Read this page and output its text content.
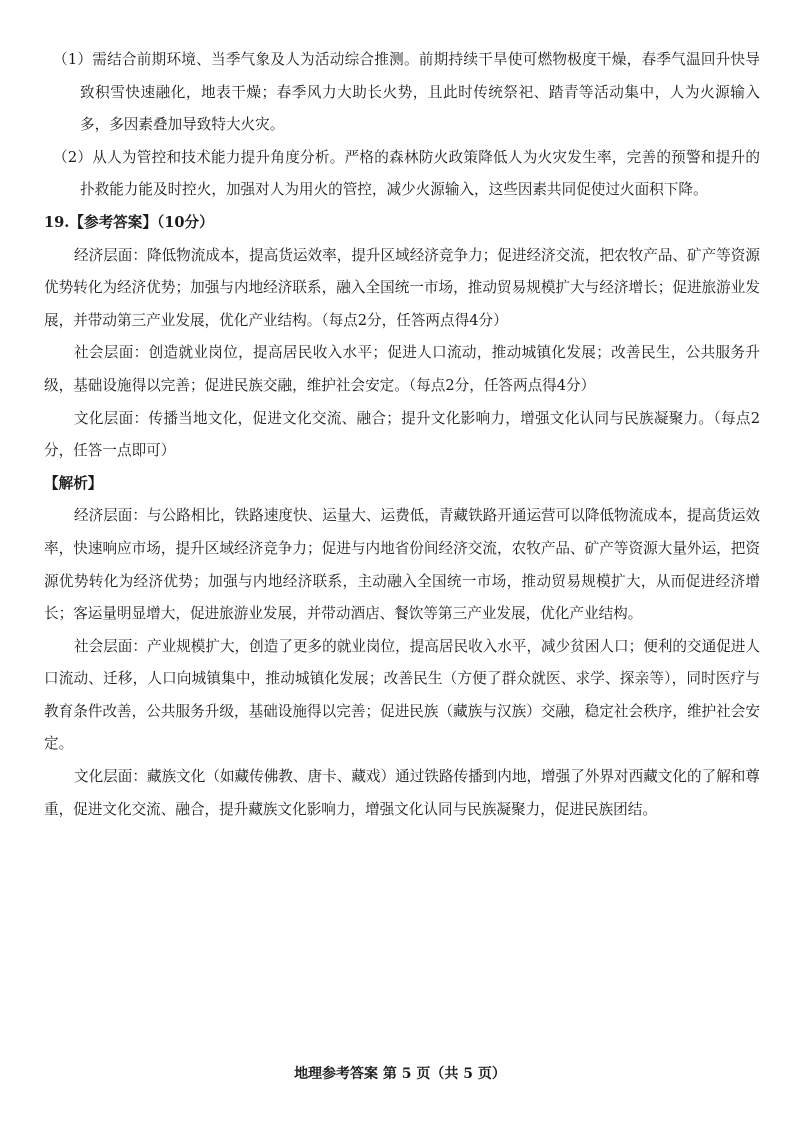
（1）需结合前期环境、当季气象及人为活动综合推测。前期持续干旱使可燃物极度干燥，春季气温回升快导致积雪快速融化，地表干燥；春季风力大助长火势，且此时传统祭祀、踏青等活动集中，人为火源输入多，多因素叠加导致特大火灾。

（2）从人为管控和技术能力提升角度分析。严格的森林防火政策降低人为火灾发生率，完善的预警和提升的扑救能力能及时控火，加强对人为用火的管控，减少火源输入，这些因素共同促使过火面积下降。

19.【参考答案】（10分）

经济层面：降低物流成本，提高货运效率，提升区域经济竞争力；促进经济交流，把农牧产品、矿产等资源优势转化为经济优势；加强与内地经济联系，融入全国统一市场，推动贸易规模扩大与经济增长；促进旅游业发展，并带动第三产业发展，优化产业结构。（每点2分，任答两点得4分）

社会层面：创造就业岗位，提高居民收入水平；促进人口流动，推动城镇化发展；改善民生，公共服务升级，基础设施得以完善；促进民族交融，维护社会安定。（每点2分，任答两点得4分）

文化层面：传播当地文化，促进文化交流、融合；提升文化影响力，增强文化认同与民族凝聚力。（每点2分，任答一点即可）

【解析】

经济层面：与公路相比，铁路速度快、运量大、运费低，青藏铁路开通运营可以降低物流成本，提高货运效率，快速响应市场，提升区域经济竞争力；促进与内地省份间经济交流，农牧产品、矿产等资源大量外运，把资源优势转化为经济优势；加强与内地经济联系，主动融入全国统一市场，推动贸易规模扩大，从而促进经济增长；客运量明显增大，促进旅游业发展，并带动酒店、餐饮等第三产业发展，优化产业结构。

社会层面：产业规模扩大，创造了更多的就业岗位，提高居民收入水平，减少贫困人口；便利的交通促进人口流动、迁移，人口向城镇集中，推动城镇化发展；改善民生（方便了群众就医、求学、探亲等），同时医疗与教育条件改善，公共服务升级，基础设施得以完善；促进民族（藏族与汉族）交融，稳定社会秩序，维护社会安定。

文化层面：藏族文化（如藏传佛教、唐卡、藏戏）通过铁路传播到内地，增强了外界对西藏文化的了解和尊重，促进文化交流、融合，提升藏族文化影响力，增强文化认同与民族凝聚力，促进民族团结。

地理参考答案 第 5 页（共 5 页）
